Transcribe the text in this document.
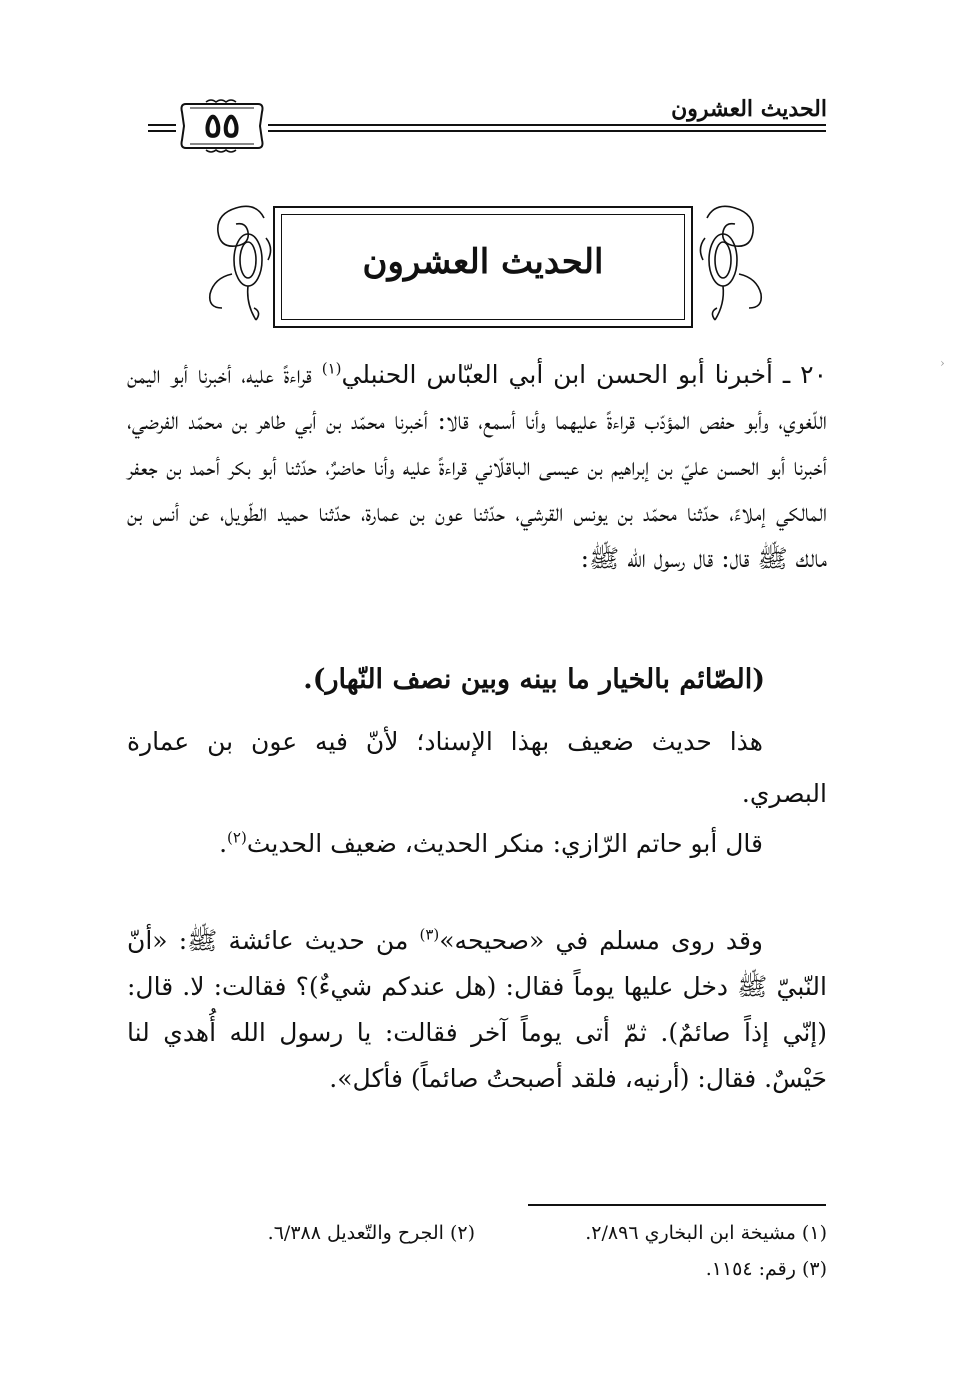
الحديث العشرون
٥٥
الحديث العشرون
٢٠ ـ أخبرنا أبو الحسن ابن أبي العبّاس الحنبلي$^{(١)}$ قراءةً عليه، أخبرنا أبو اليمن اللّغوي، وأبو حفص المؤدّب قراءةً عليهما وأنا أسمع، قالا: أخبرنا محمّد بن أبي طاهر بن محمّد الفرضي، أخبرنا أبو الحسن عليّ بن إبراهيم بن عيسى الباقلّاني قراءةً عليه وأنا حاضرٌ، حدّثنا أبو بكر أحمد بن جعفر المالكي إملاءً، حدّثنا محمّد بن يونس القرشي، حدّثنا عون بن عمارة، حدّثنا حميد الطّويل، عن أنس بن مالك ﷺ قال: قال رسول الله ﷺ:
(الصّائم بالخيار ما بينه وبين نصف النّهار).
هذا حديث ضعيف بهذا الإسناد؛ لأنّ فيه عون بن عمارة البصري.
قال أبو حاتم الرّازي: منكر الحديث، ضعيف الحديث$^{(٢)}$.
وقد روى مسلم في «صحيحه»$^{(٣)}$ من حديث عائشة ﷺ: «أنّ النّبيّ ﷺ دخل عليها يوماً فقال: (هل عندكم شيءٌ)؟ فقالت: لا. قال: (إنّي إذاً صائمٌ). ثمّ أتى يوماً آخر فقالت: يا رسول الله أُهدي لنا حَيْسٌ. فقال: (أرنيه، فلقد أصبحتُ صائماً) فأكل».
(١) مشيخة ابن البخاري ٢/٨٩٦.
(٢) الجرح والتّعديل ٦/٣٨٨.
(٣) رقم: ١١٥٤.
‹
